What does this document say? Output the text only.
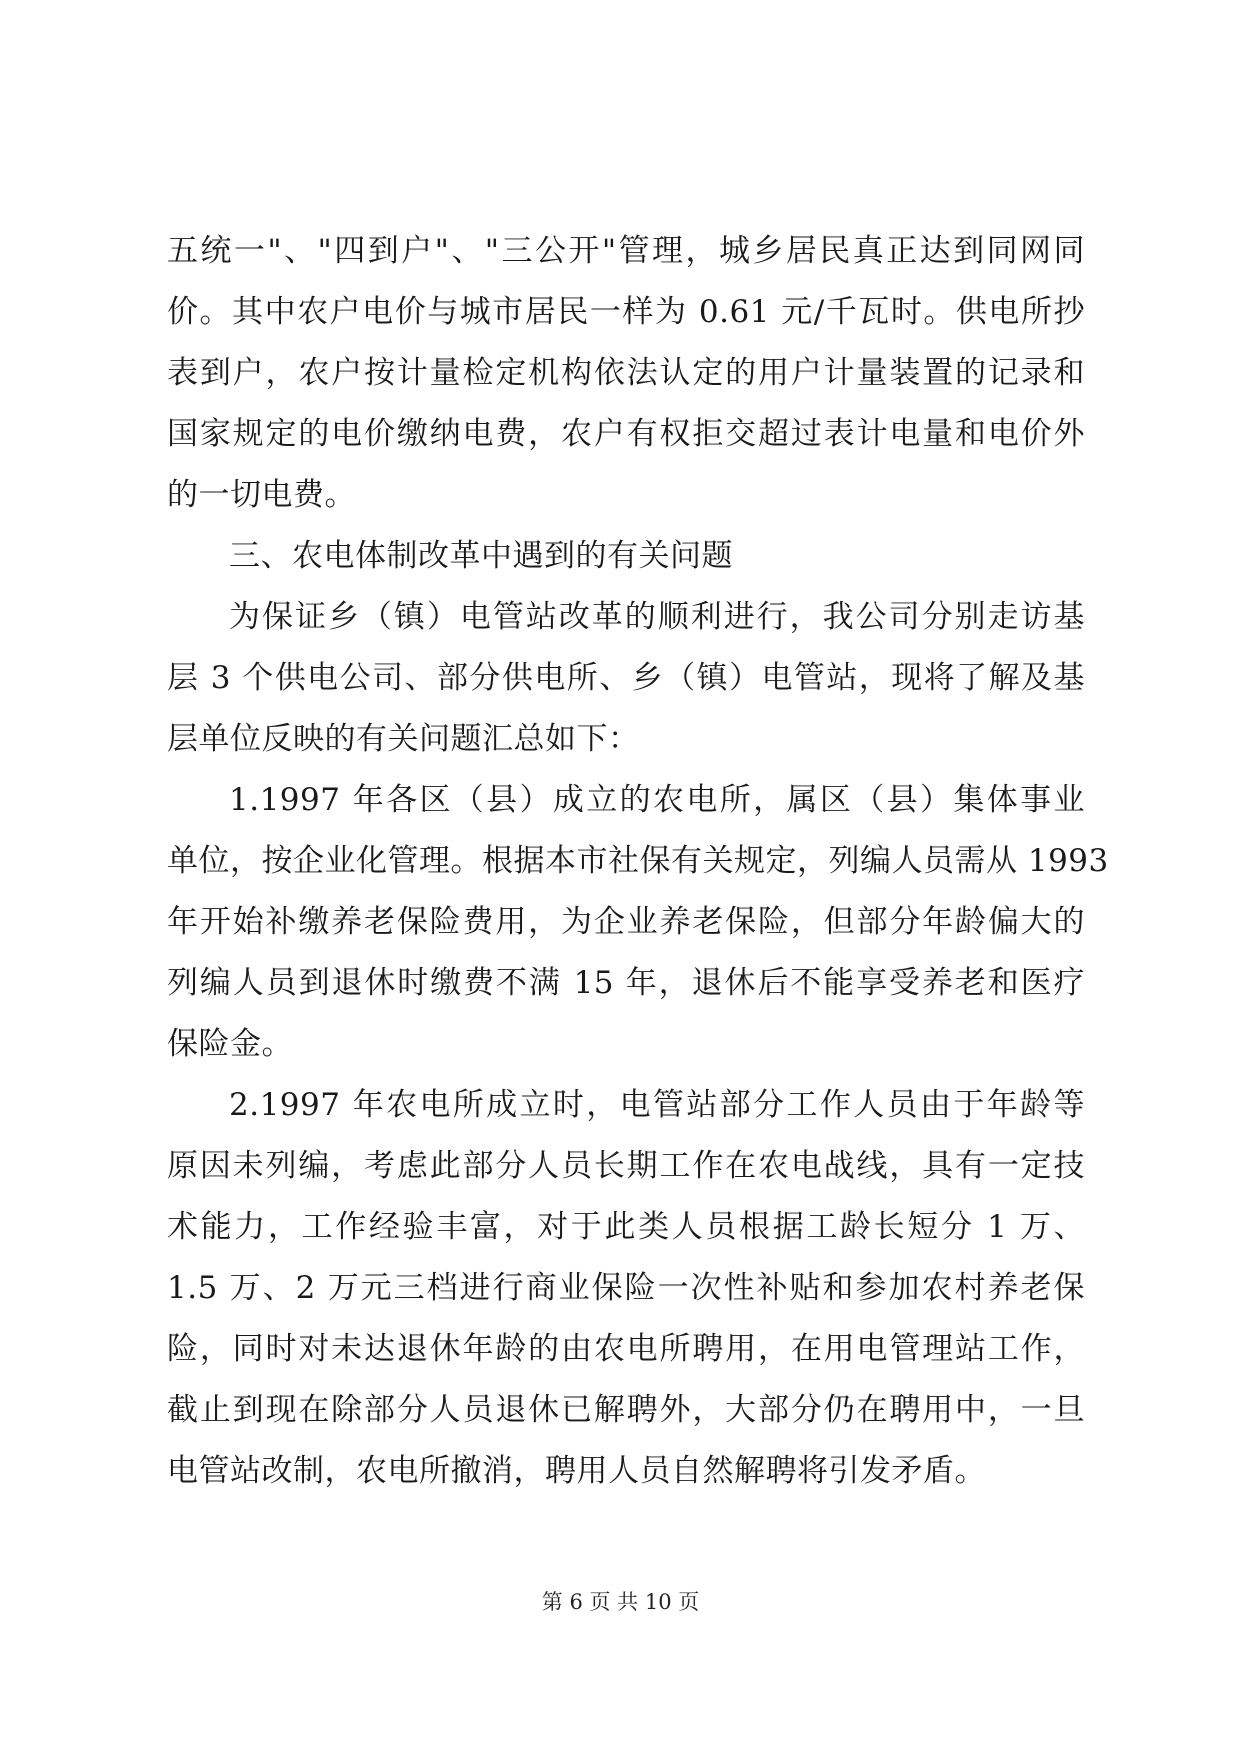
五统一"、"四到户"、"三公开"管理，城乡居民真正达到同网同
价。其中农户电价与城市居民一样为 0.61 元/千瓦时。供电所抄
表到户，农户按计量检定机构依法认定的用户计量装置的记录和
国家规定的电价缴纳电费，农户有权拒交超过表计电量和电价外
的一切电费。
三、农电体制改革中遇到的有关问题
为保证乡（镇）电管站改革的顺利进行，我公司分别走访基
层 3 个供电公司、部分供电所、乡（镇）电管站，现将了解及基
层单位反映的有关问题汇总如下：
1.1997 年各区（县）成立的农电所，属区（县）集体事业
单位，按企业化管理。根据本市社保有关规定，列编人员需从 1993
年开始补缴养老保险费用，为企业养老保险，但部分年龄偏大的
列编人员到退休时缴费不满 15 年，退休后不能享受养老和医疗
保险金。
2.1997 年农电所成立时，电管站部分工作人员由于年龄等
原因未列编，考虑此部分人员长期工作在农电战线，具有一定技
术能力，工作经验丰富，对于此类人员根据工龄长短分 1 万、
1.5 万、2 万元三档进行商业保险一次性补贴和参加农村养老保
险，同时对未达退休年龄的由农电所聘用，在用电管理站工作，
截止到现在除部分人员退休已解聘外，大部分仍在聘用中，一旦
电管站改制，农电所撤消，聘用人员自然解聘将引发矛盾。
第 6 页 共 10 页
